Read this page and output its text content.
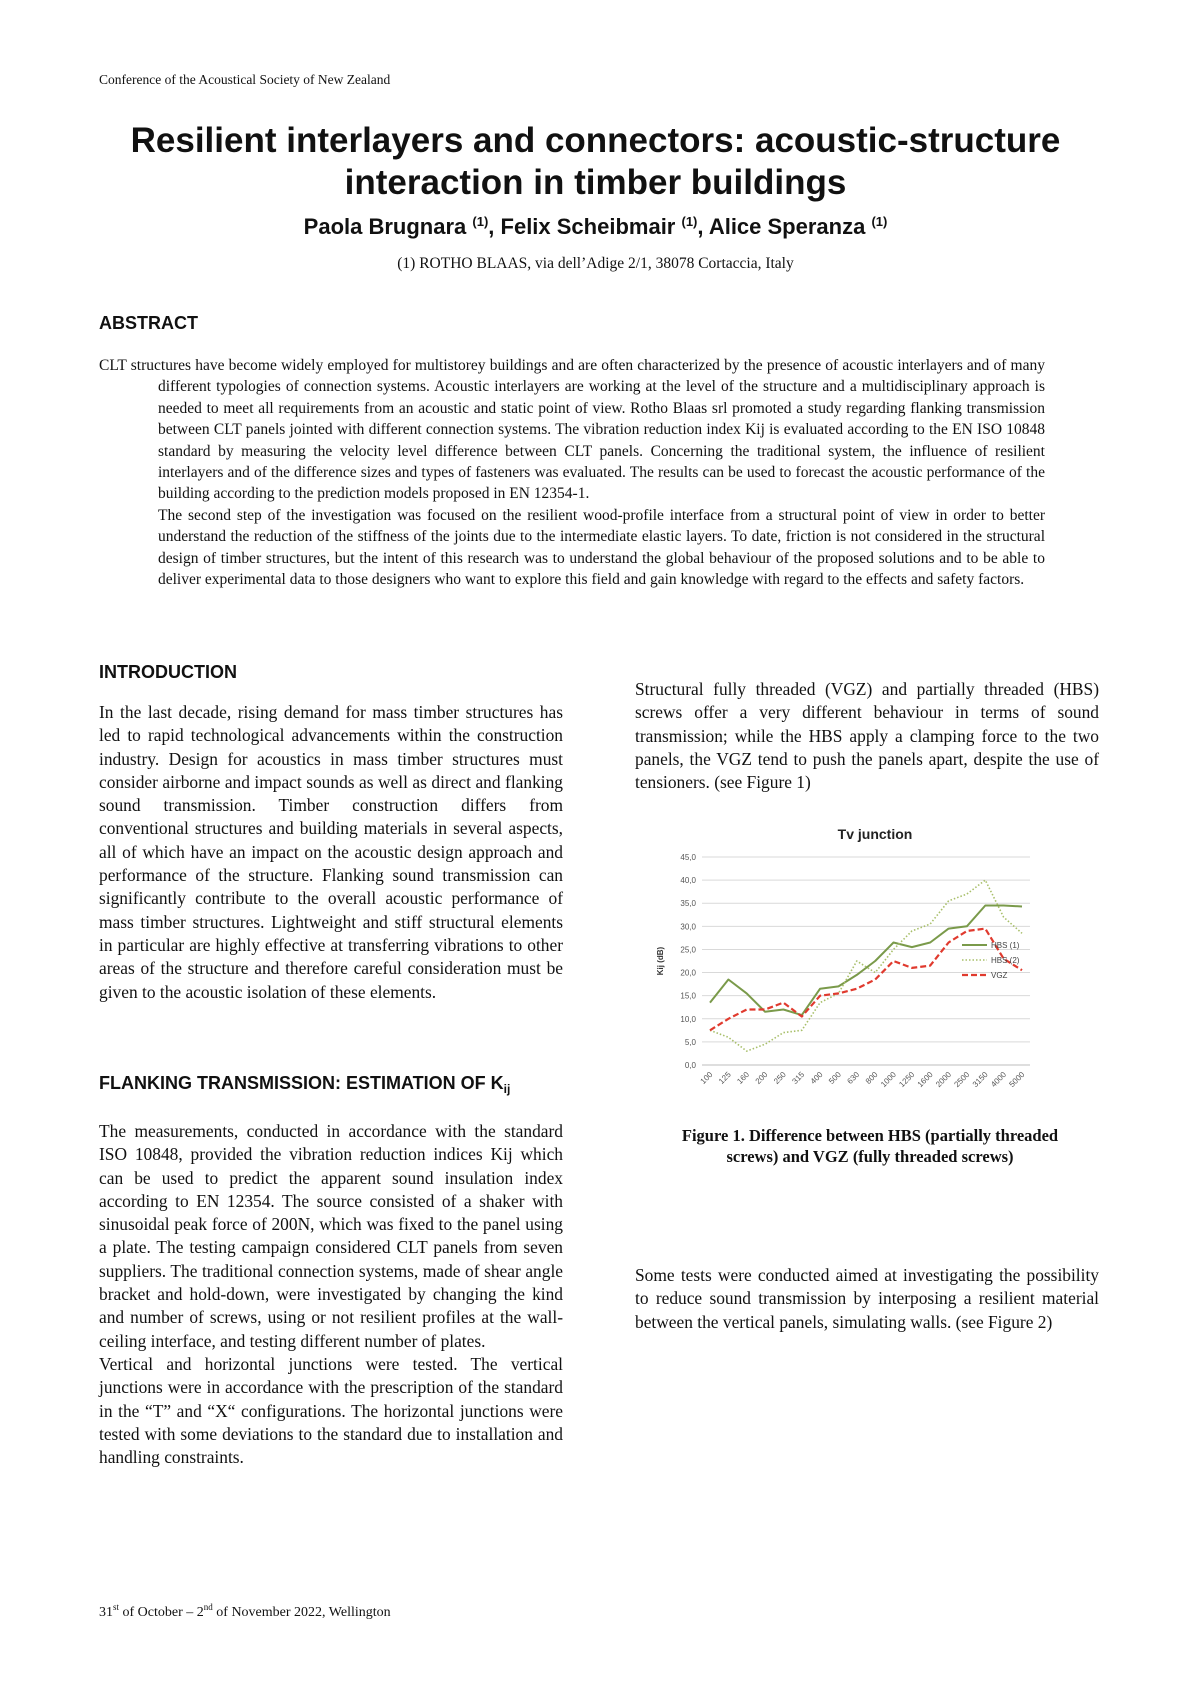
Conference of the Acoustical Society of New Zealand
Resilient interlayers and connectors: acoustic-structure
interaction in timber buildings
Paola Brugnara $^{(1)}$, Felix Scheibmair $^{(1)}$, Alice Speranza $^{(1)}$
(1) ROTHO BLAAS, via dell’Adige 2/1, 38078 Cortaccia, Italy
ABSTRACT

CLT structures have become widely employed for multistorey buildings and are often characterized by the presence of acoustic interlayers and of many different typologies of connection systems. Acoustic interlayers are working at the level of the structure and a multidisciplinary approach is needed to meet all requirements from an acoustic and static point of view. Rotho Blaas srl promoted a study regarding flanking transmission between CLT panels jointed with different connection systems. The vibration reduction index Kij is evaluated according to the EN ISO 10848 standard by measuring the velocity level difference between CLT panels. Concerning the traditional system, the influence of resilient interlayers and of the difference sizes and types of fasteners was evaluated. The results can be used to forecast the acoustic performance of the building according to the prediction models proposed in EN 12354-1.

The second step of the investigation was focused on the resilient wood-profile interface from a structural point of view in order to better understand the reduction of the stiffness of the joints due to the intermediate elastic layers. To date, friction is not considered in the structural design of timber structures, but the intent of this research was to understand the global behaviour of the proposed solutions and to be able to deliver experimental data to those designers who want to explore this field and gain knowledge with regard to the effects and safety factors.

INTRODUCTION

In the last decade, rising demand for mass timber structures has led to rapid technological advancements within the construction industry. Design for acoustics in mass timber structures must consider airborne and impact sounds as well as direct and flanking sound transmission. Timber construction differs from conventional structures and building materials in several aspects, all of which have an impact on the acoustic design approach and performance of the structure. Flanking sound transmission can significantly contribute to the overall acoustic performance of mass timber structures. Lightweight and stiff structural elements in particular are highly effective at transferring vibrations to other areas of the structure and therefore careful consideration must be given to the acoustic isolation of these elements.

FLANKING TRANSMISSION: ESTIMATION OF $K_{ij}$

The measurements, conducted in accordance with the standard ISO 10848, provided the vibration reduction indices Kij which can be used to predict the apparent sound insulation index according to EN 12354. The source consisted of a shaker with sinusoidal peak force of 200N, which was fixed to the panel using a plate. The testing campaign considered CLT panels from seven suppliers. The traditional connection systems, made of shear angle bracket and hold-down, were investigated by changing the kind and number of screws, using or not resilient profiles at the wall-ceiling interface, and testing different number of plates.

Vertical and horizontal junctions were tested. The vertical junctions were in accordance with the prescription of the standard in the “T” and “X“ configurations. The horizontal junctions were tested with some deviations to the standard due to installation and handling constraints.

Structural fully threaded (VGZ) and partially threaded (HBS) screws offer a very different behaviour in terms of sound transmission; while the HBS apply a clamping force to the two panels, the VGZ tend to push the panels apart, despite the use of tensioners. (see Figure 1)

0,0
5,0
10,0
15,0
20,0
25,0
30,0
35,0
40,0
45,0
100 125 160 200 250 315 400 500 630 800 1000 1250 1600 2000 2500 3150 4000 5000
HBS (1)
HBS (2)
VGZ
Tv junction
Kij (dB)
Figure 1. Difference between HBS (partially threaded screws) and VGZ (fully threaded screws)

Some tests were conducted aimed at investigating the possibility to reduce sound transmission by interposing a resilient material between the vertical panels, simulating walls. (see Figure 2)

31st of October – 2nd of November 2022, Wellington
